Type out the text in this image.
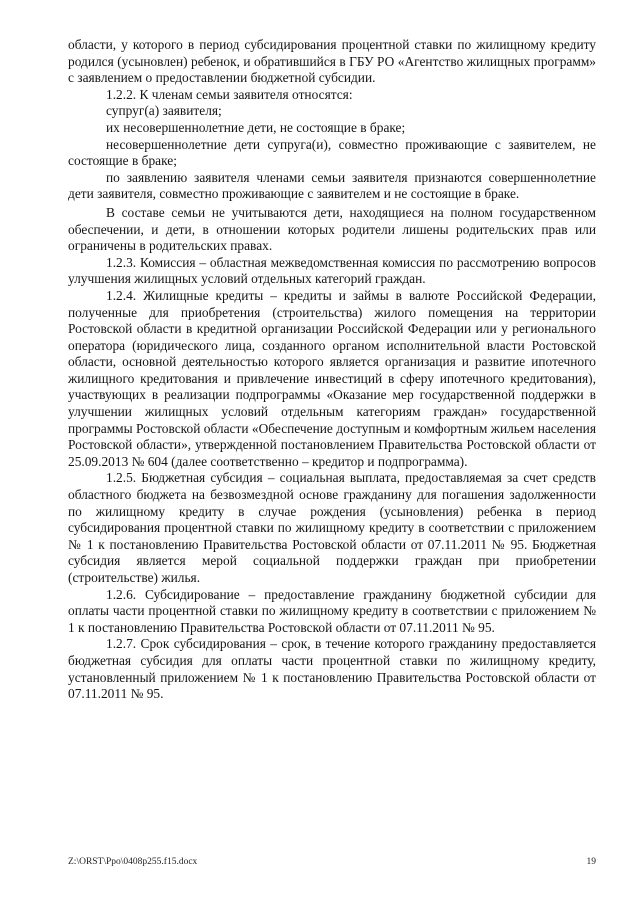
области, у которого в период субсидирования процентной ставки по жилищному кредиту родился (усыновлен) ребенок, и обратившийся в ГБУ РО «Агентство жилищных программ» с заявлением о предоставлении бюджетной субсидии.

1.2.2. К членам семьи заявителя относятся:

супруг(а) заявителя;

их несовершеннолетние дети, не состоящие в браке;

несовершеннолетние дети супруга(и), совместно проживающие с заявителем, не состоящие в браке;

по заявлению заявителя членами семьи заявителя признаются совершеннолетние дети заявителя, совместно проживающие с заявителем и не состоящие в браке.

В составе семьи не учитываются дети, находящиеся на полном государственном обеспечении, и дети, в отношении которых родители лишены родительских прав или ограничены в родительских правах.

1.2.3. Комиссия – областная межведомственная комиссия по рассмотрению вопросов улучшения жилищных условий отдельных категорий граждан.

1.2.4. Жилищные кредиты – кредиты и займы в валюте Российской Федерации, полученные для приобретения (строительства) жилого помещения на территории Ростовской области в кредитной организации Российской Федерации или у регионального оператора (юридического лица, созданного органом исполнительной власти Ростовской области, основной деятельностью которого является организация и развитие ипотечного жилищного кредитования и привлечение инвестиций в сферу ипотечного кредитования), участвующих в реализации подпрограммы «Оказание мер государственной поддержки в улучшении жилищных условий отдельным категориям граждан» государственной программы Ростовской области «Обеспечение доступным и комфортным жильем населения Ростовской области», утвержденной постановлением Правительства Ростовской области от 25.09.2013 № 604 (далее соответственно – кредитор и подпрограмма).

1.2.5. Бюджетная субсидия – социальная выплата, предоставляемая за счет средств областного бюджета на безвозмездной основе гражданину для погашения задолженности по жилищному кредиту в случае рождения (усыновления) ребенка в период субсидирования процентной ставки по жилищному кредиту в соответствии с приложением № 1 к постановлению Правительства Ростовской области от 07.11.2011 № 95. Бюджетная субсидия является мерой социальной поддержки граждан при приобретении (строительстве) жилья.

1.2.6. Субсидирование – предоставление гражданину бюджетной субсидии для оплаты части процентной ставки по жилищному кредиту в соответствии с приложением № 1 к постановлению Правительства Ростовской области от 07.11.2011 № 95.

1.2.7. Срок субсидирования – срок, в течение которого гражданину предоставляется бюджетная субсидия для оплаты части процентной ставки по жилищному кредиту, установленный приложением № 1 к постановлению Правительства Ростовской области от 07.11.2011 № 95.

Z:\ORST\Ppo\0408p255.f15.docx	19
